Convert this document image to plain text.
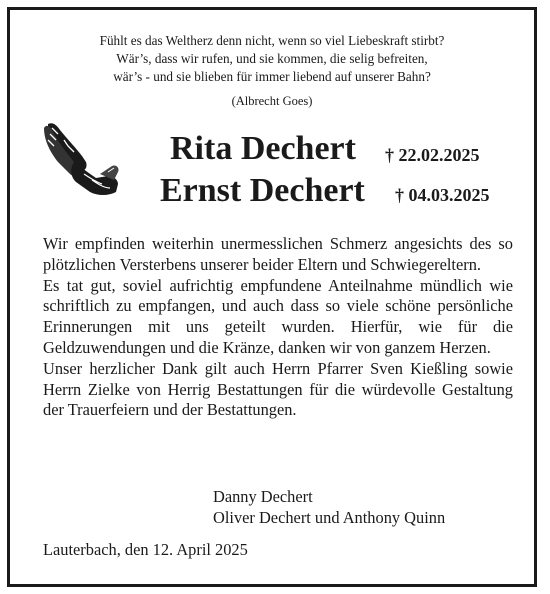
Fühlt es das Weltherz denn nicht, wenn so viel Liebeskraft stirbt?
Wär’s, dass wir rufen, und sie kommen, die selig befreiten,
wär’s - und sie blieben für immer liebend auf unserer Bahn?
(Albrecht Goes)
Rita Dechert † 22.02.2025
Ernst Dechert † 04.03.2025

Wir empfinden weiterhin unermesslichen Schmerz angesichts des so plötzlichen Versterbens unserer beider Eltern und Schwiegereltern.

Es tat gut, soviel aufrichtig empfundene Anteilnahme mündlich wie schriftlich zu empfangen, und auch dass so viele schöne persönliche Erinnerungen mit uns geteilt wurden. Hierfür, wie für die Geldzuwendungen und die Kränze, danken wir von ganzem Herzen.

Unser herzlicher Dank gilt auch Herrn Pfarrer Sven Kießling sowie Herrn Zielke von Herrig Bestattungen für die würdevolle Gestaltung der Trauerfeiern und der Bestattungen.

Danny Dechert
Oliver Dechert und Anthony Quinn
Lauterbach, den 12. April 2025
